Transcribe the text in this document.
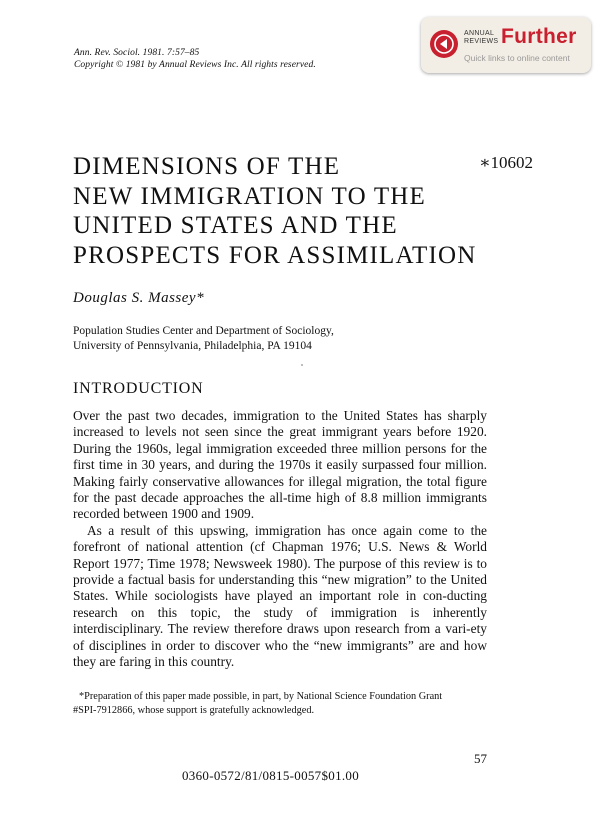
Ann. Rev. Sociol. 1981. 7:57–85
Copyright © 1981 by Annual Reviews Inc. All rights reserved.
ANNUAL
REVIEWS Further
Quick links to online content
DIMENSIONS OF THE
NEW IMMIGRATION TO THE
UNITED STATES AND THE
PROSPECTS FOR ASSIMILATION
∗10602
Douglas S. Massey*
Population Studies Center and Department of Sociology,
University of Pennsylvania, Philadelphia, PA 19104
INTRODUCTION

Over the past two decades, immigration to the United States has sharply increased to levels not seen since the great immigrant years before 1920. During the 1960s, legal immigration exceeded three million persons for the first time in 30 years, and during the 1970s it easily surpassed four million. Making fairly conservative allowances for illegal migration, the total figure for the past decade approaches the all-time high of 8.8 million immigrants recorded between 1900 and 1909.

As a result of this upswing, immigration has once again come to the forefront of national attention (cf Chapman 1976; U.S. News & World Report 1977; Time 1978; Newsweek 1980). The purpose of this review is to provide a factual basis for understanding this “new migration” to the United States. While sociologists have played an important role in con-ducting research on this topic, the study of immigration is inherently interdisciplinary. The review therefore draws upon research from a vari-ety of disciplines in order to discover who the “new immigrants” are and how they are faring in this country.

*Preparation of this paper made possible, in part, by National Science Foundation Grant
#SPI-7912866, whose support is gratefully acknowledged.
57
0360-0572/81/0815-0057$01.00
